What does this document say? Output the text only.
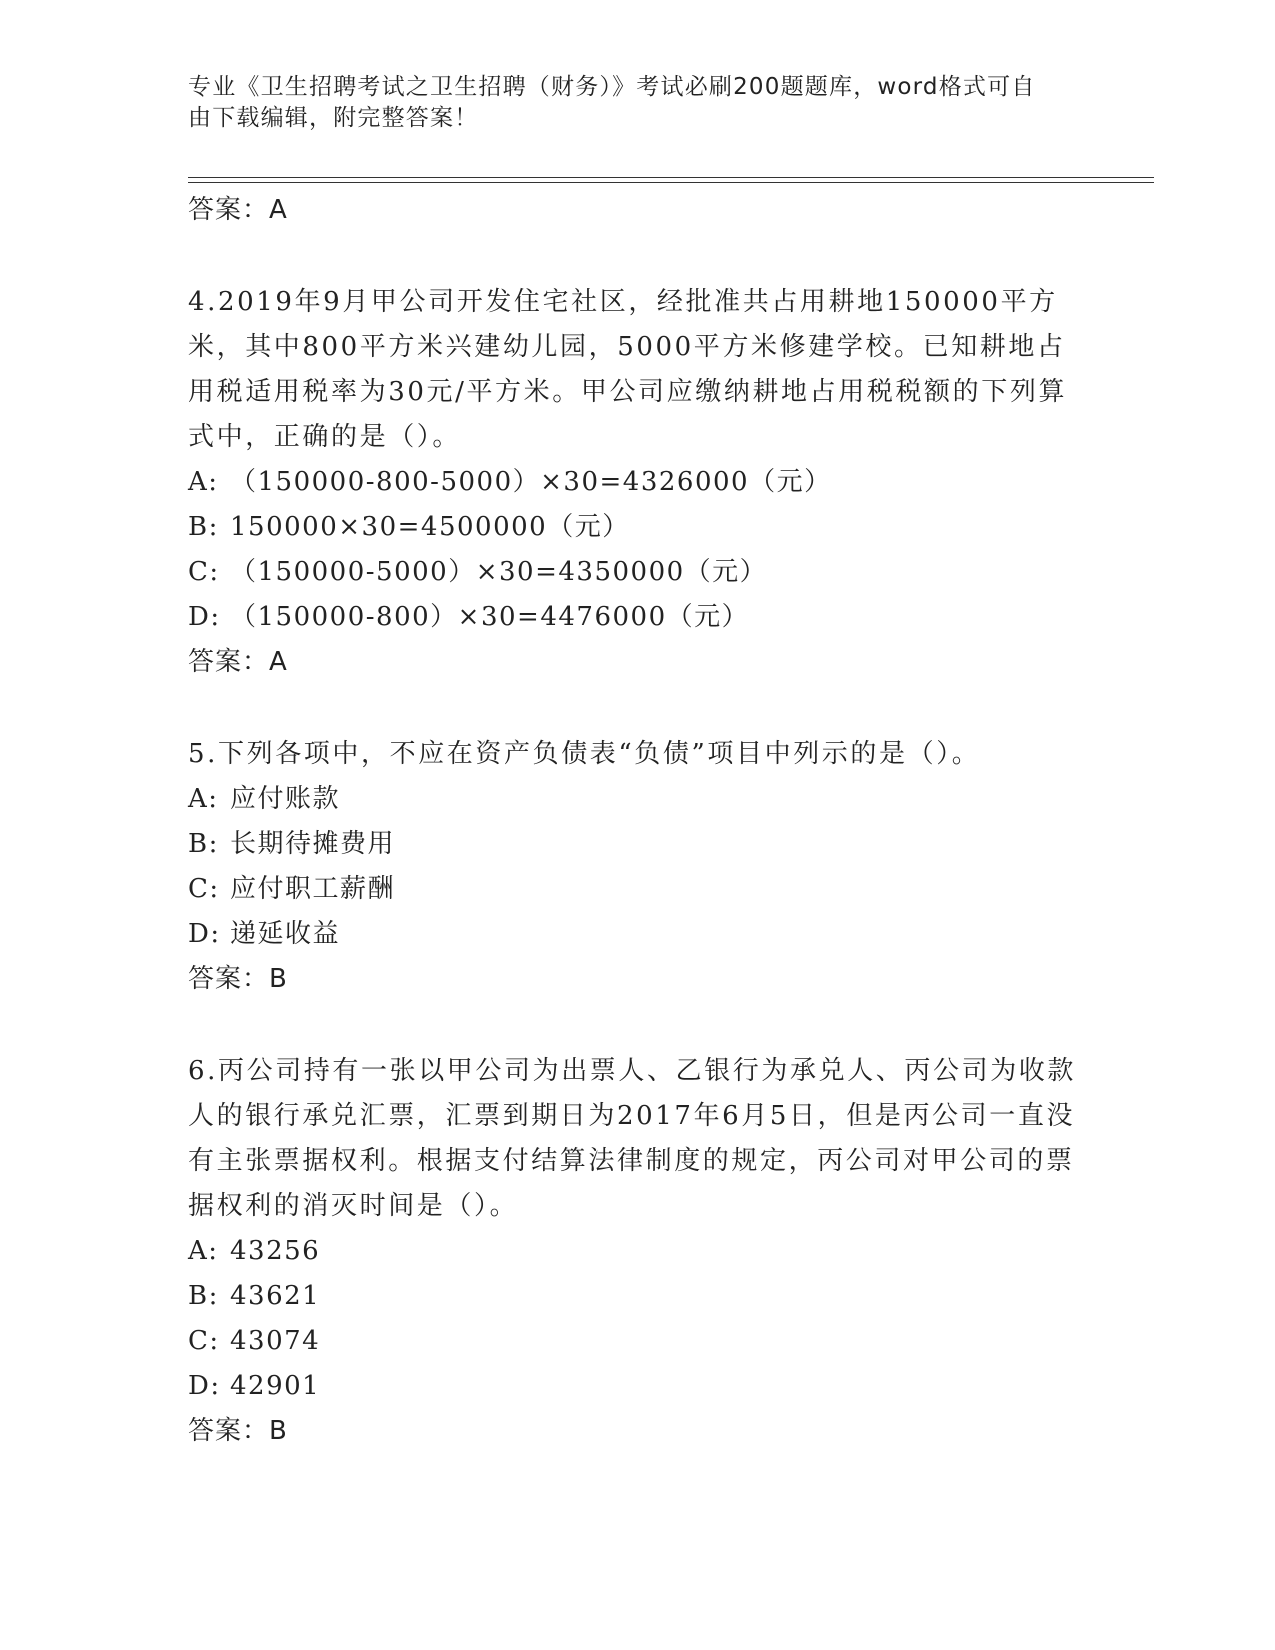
专业《卫生招聘考试之卫生招聘（财务）》考试必刷200题题库，word格式可自
由下载编辑，附完整答案！
答案：A
4.2019年9月甲公司开发住宅社区，经批准共占用耕地150000平方米，其中800平方米兴建幼儿园，5000平方米修建学校。已知耕地占用税适用税率为30元/平方米。甲公司应缴纳耕地占用税税额的下列算式中，正确的是（）。
A: （150000-800-5000）×30=4326000（元）
B: 150000×30=4500000（元）
C: （150000-5000）×30=4350000（元）
D: （150000-800）×30=4476000（元）
答案：A
5.下列各项中，不应在资产负债表“负债”项目中列示的是（）。
A: 应付账款
B: 长期待摊费用
C: 应付职工薪酬
D: 递延收益
答案：B
6.丙公司持有一张以甲公司为出票人、乙银行为承兑人、丙公司为收款人的银行承兑汇票，汇票到期日为2017年6月5日，但是丙公司一直没有主张票据权利。根据支付结算法律制度的规定，丙公司对甲公司的票据权利的消灭时间是（）。
A: 43256
B: 43621
C: 43074
D: 42901
答案：B
